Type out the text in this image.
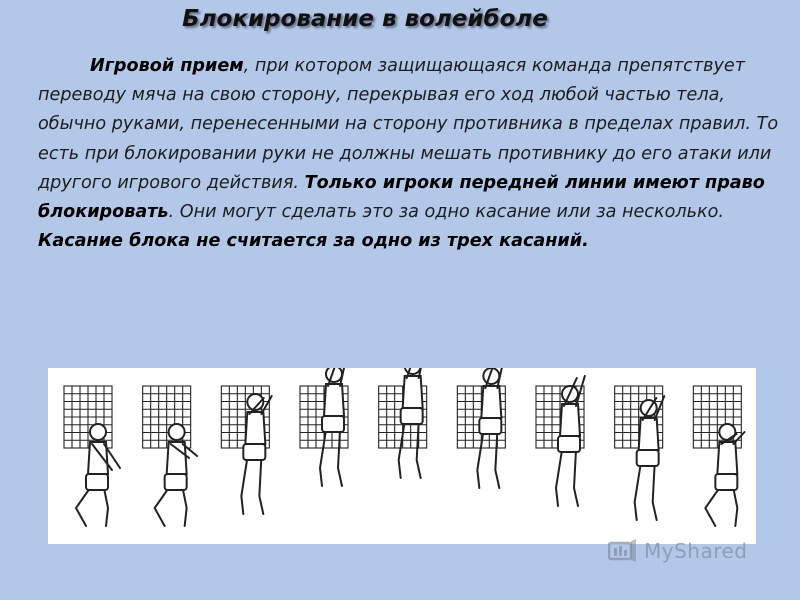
Блокирование в волейболе

Игровой прием, при котором защищающаяся команда препятствует переводу мяча на свою сторону, перекрывая его ход любой частью тела, обычно руками, перенесенными на сторону противника в пределах правил. То есть при блокировании руки не должны мешать противнику до его атаки или другого игрового действия. Только игроки передней линии имеют право блокировать. Они могут сделать это за одно касание или за несколько. Касание блока не считается за одно из трех касаний.

MyShared
